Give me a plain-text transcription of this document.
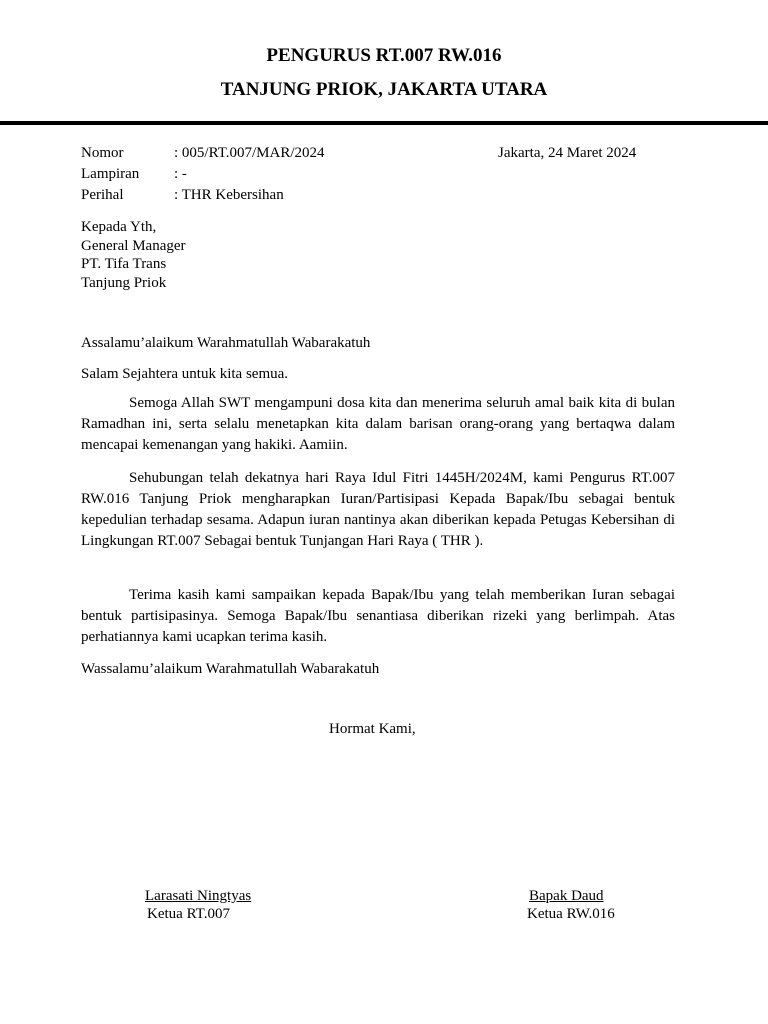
PENGURUS RT.007 RW.016
TANJUNG PRIOK, JAKARTA UTARA
Nomor	: 005/RT.007/MAR/2024	Jakarta, 24 Maret 2024
Lampiran : -
Perihal	: THR Kebersihan
Kepada Yth,
General Manager
PT. Tifa Trans
Tanjung Priok
Assalamu’alaikum Warahmatullah Wabarakatuh
Salam Sejahtera untuk kita semua.
Semoga Allah SWT mengampuni dosa kita dan menerima seluruh amal baik kita di bulan Ramadhan ini, serta selalu menetapkan kita dalam barisan orang-orang yang bertaqwa dalam mencapai kemenangan yang hakiki. Aamiin.
Sehubungan telah dekatnya hari Raya Idul Fitri 1445H/2024M, kami Pengurus RT.007 RW.016 Tanjung Priok mengharapkan Iuran/Partisipasi Kepada Bapak/Ibu sebagai bentuk kepedulian terhadap sesama. Adapun iuran nantinya akan diberikan kepada Petugas Kebersihan di Lingkungan RT.007 Sebagai bentuk Tunjangan Hari Raya ( THR ).
Terima kasih kami sampaikan kepada Bapak/Ibu yang telah memberikan Iuran sebagai bentuk partisipasinya. Semoga Bapak/Ibu senantiasa diberikan rizeki yang berlimpah. Atas perhatiannya kami ucapkan terima kasih.
Wassalamu’alaikum Warahmatullah Wabarakatuh
Hormat Kami,
Larasati Ningtyas
Ketua RT.007
Bapak Daud
Ketua RW.016
